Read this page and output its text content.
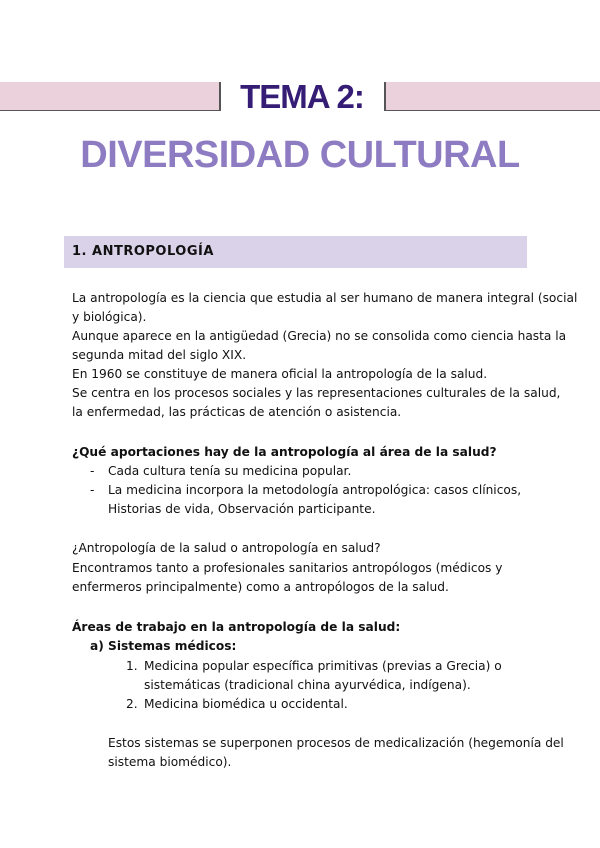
TEMA 2:
DIVERSIDAD CULTURAL
1. ANTROPOLOGÍA
La antropología es la ciencia que estudia al ser humano de manera integral (social
y biológica).
Aunque aparece en la antigüedad (Grecia) no se consolida como ciencia hasta la
segunda mitad del siglo XIX.
En 1960 se constituye de manera oficial la antropología de la salud.
Se centra en los procesos sociales y las representaciones culturales de la salud,
la enfermedad, las prácticas de atención o asistencia.
¿Qué aportaciones hay de la antropología al área de la salud?
- Cada cultura tenía su medicina popular.
- La medicina incorpora la metodología antropológica: casos clínicos,
Historias de vida, Observación participante.
¿Antropología de la salud o antropología en salud?
Encontramos tanto a profesionales sanitarios antropólogos (médicos y
enfermeros principalmente) como a antropólogos de la salud.
Áreas de trabajo en la antropología de la salud:
a) Sistemas médicos:
1. Medicina popular específica primitivas (previas a Grecia) o
sistemáticas (tradicional china ayurvédica, indígena).
2. Medicina biomédica u occidental.
Estos sistemas se superponen procesos de medicalización (hegemonía del
sistema biomédico).
